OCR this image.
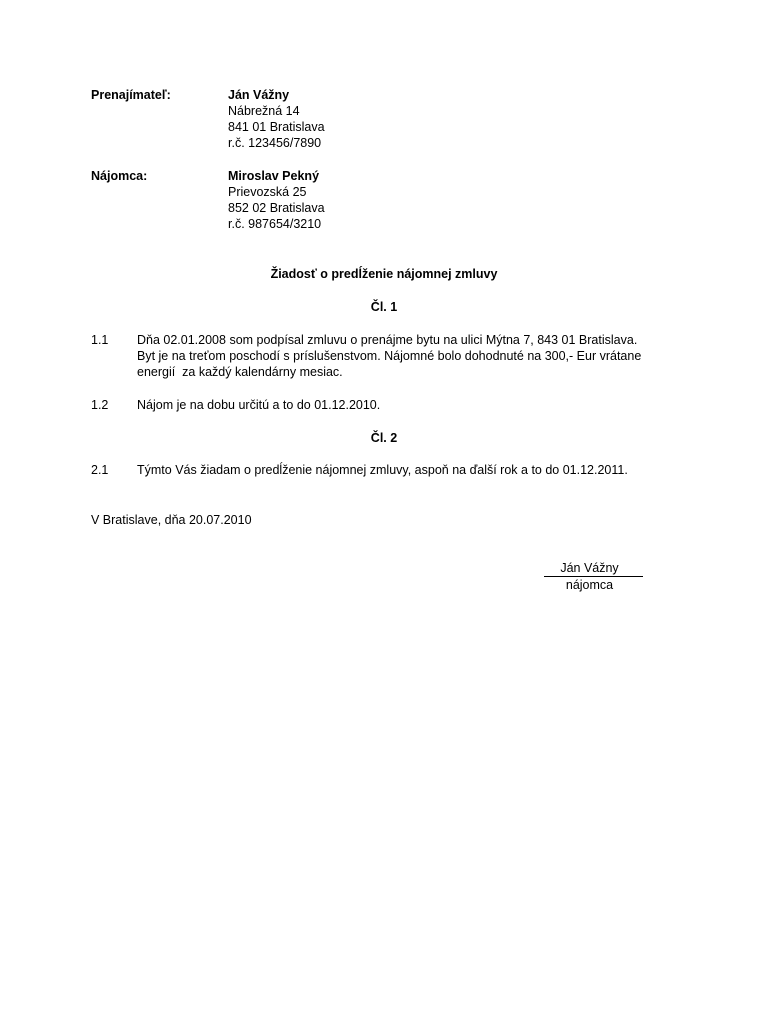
Prenajímateľ:	Ján Vážny
Nábrežná 14
841 01 Bratislava
r.č. 123456/7890
Nájomca:	Miroslav Pekný
Prievozská 25
852 02 Bratislava
r.č. 987654/3210
Žiadosť o predĺženie nájomnej zmluvy
Čl. 1
1.1 Dňa 02.01.2008 som podpísal zmluvu o prenájme bytu na ulici Mýtna 7, 843 01 Bratislava.
Byt je na treťom poschodí s príslušenstvom. Nájomné bolo dohodnuté na 300,- Eur vrátane
energií  za každý kalendárny mesiac.
1.2 Nájom je na dobu určitú a to do 01.12.2010.
Čl. 2
2.1 Týmto Vás žiadam o predĺženie nájomnej zmluvy, aspoň na ďalší rok a to do 01.12.2011.
V Bratislave, dňa 20.07.2010
Ján Vážny
nájomca
